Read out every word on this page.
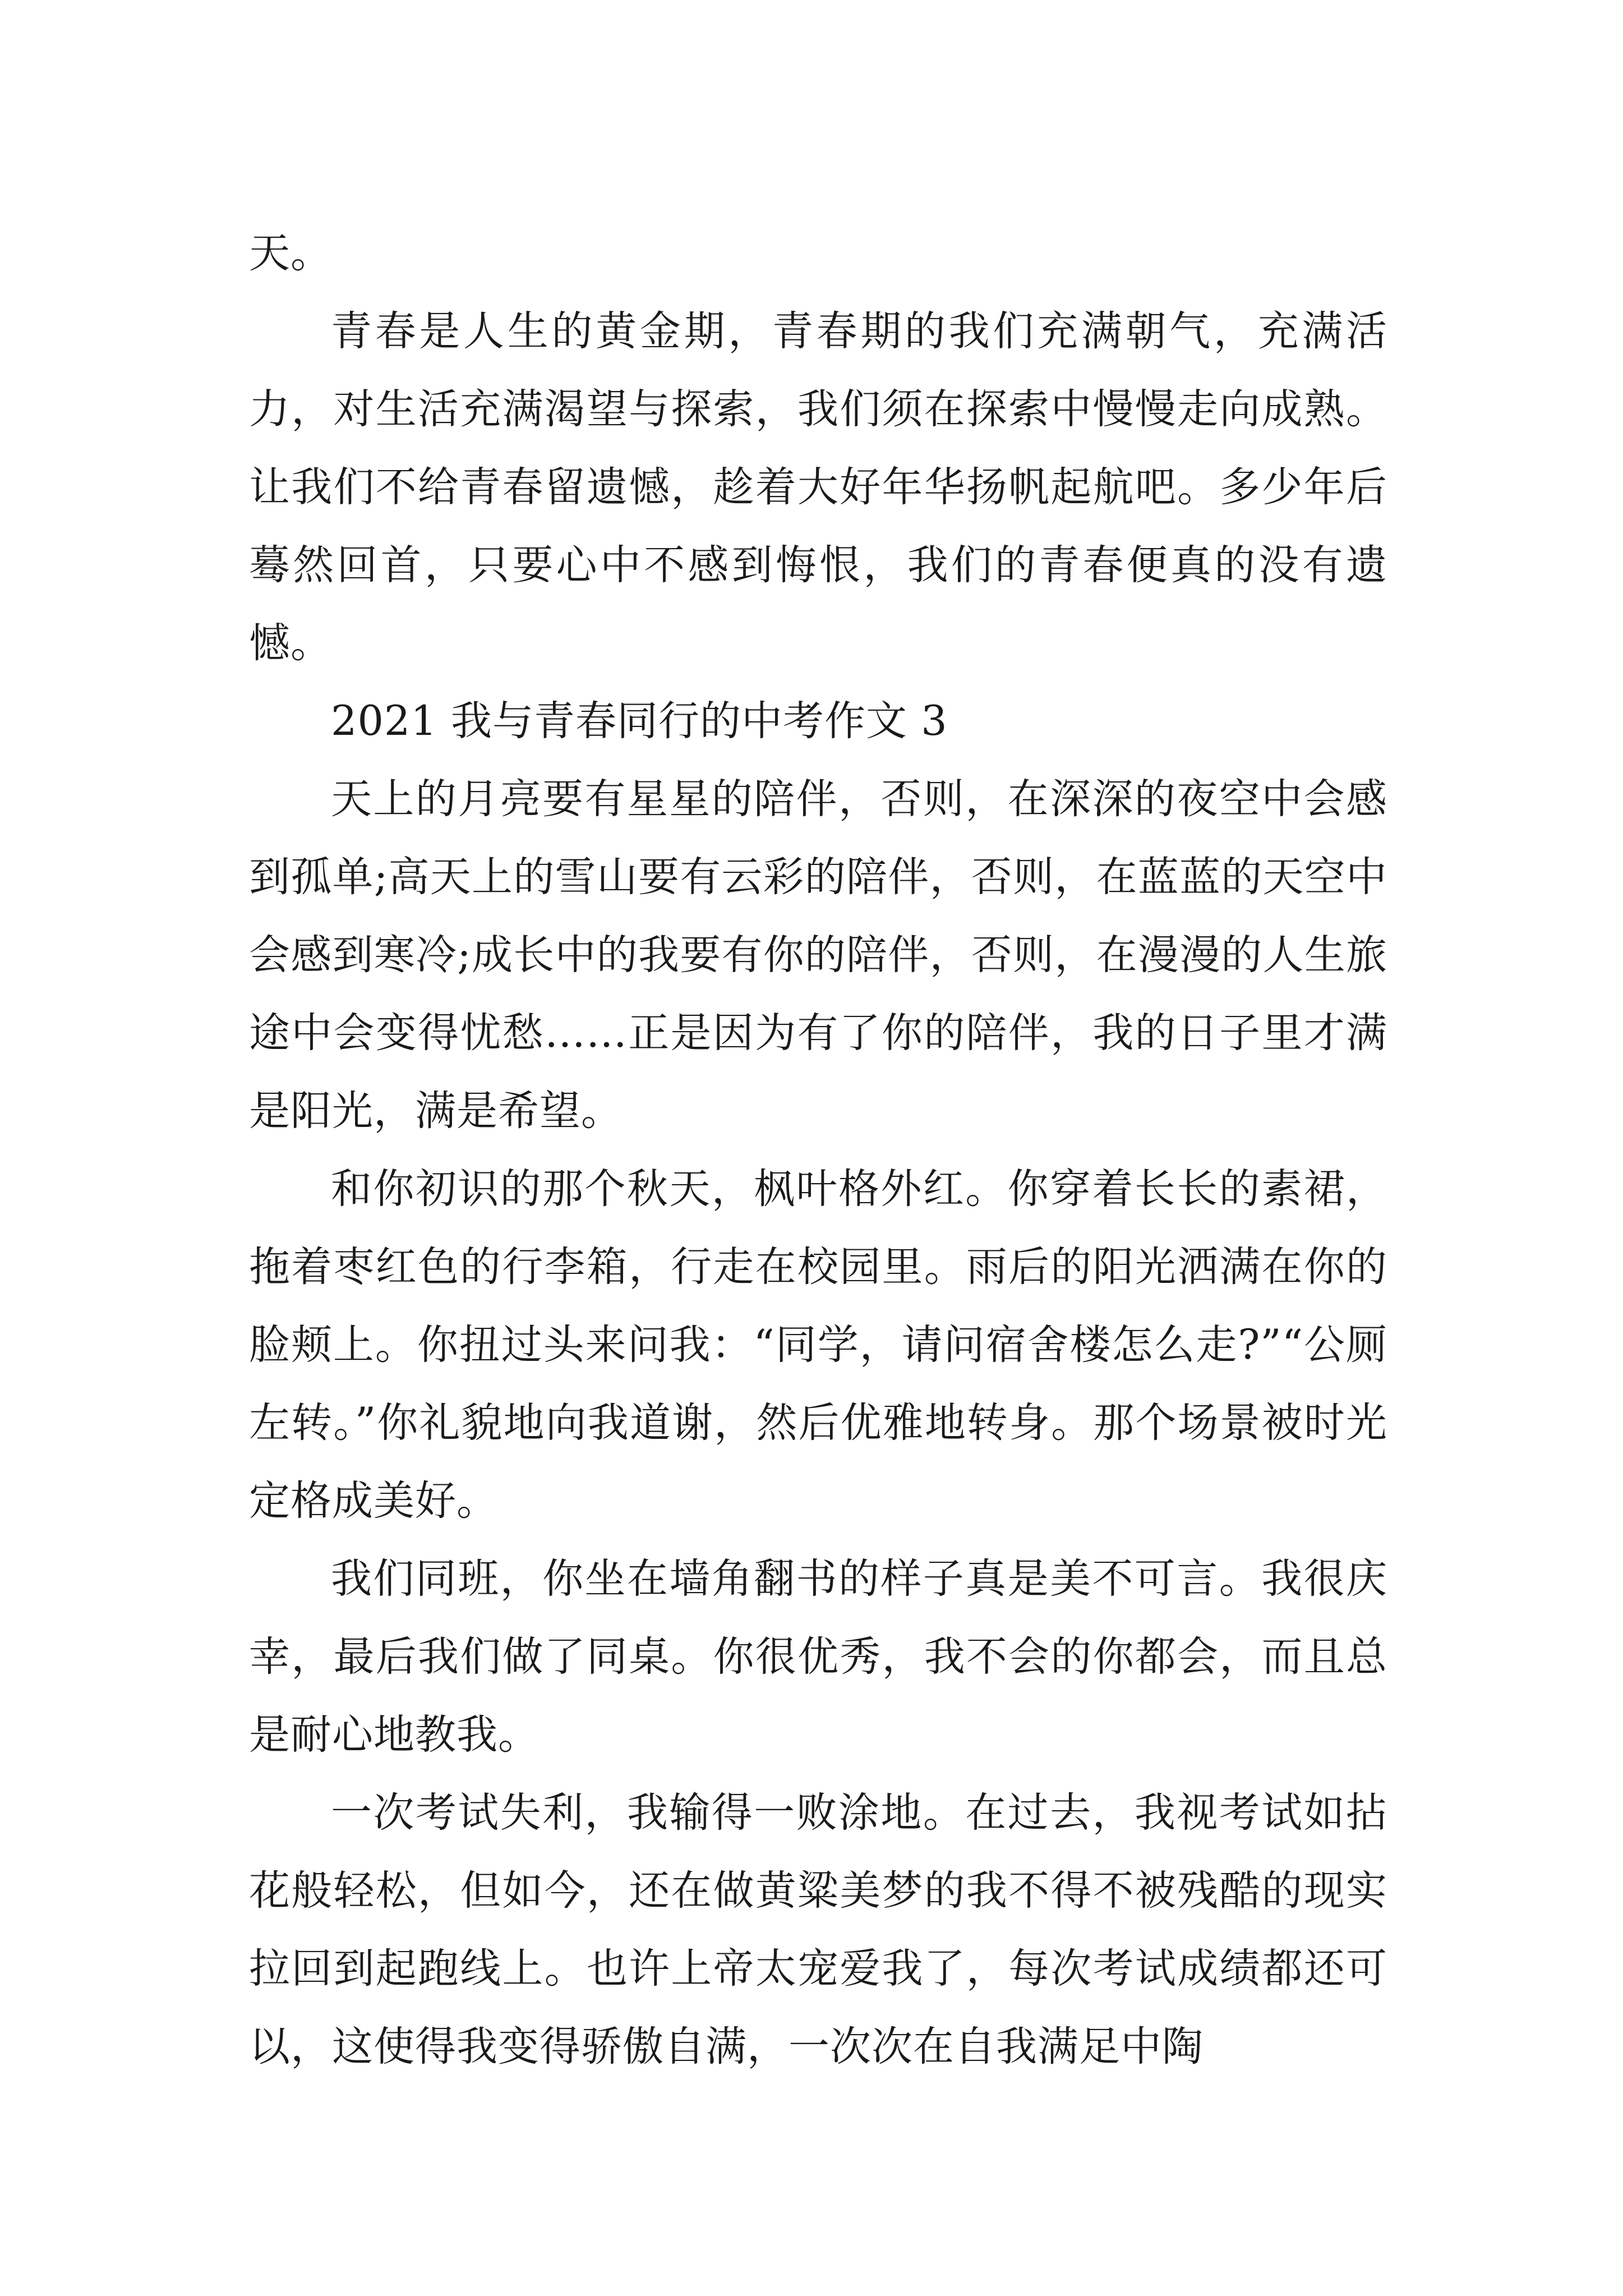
天。

青春是人生的黄金期，青春期的我们充满朝气，充满活力，对生活充满渴望与探索，我们须在探索中慢慢走向成熟。让我们不给青春留遗憾，趁着大好年华扬帆起航吧。多少年后蓦然回首，只要心中不感到悔恨，我们的青春便真的没有遗憾。

2021 我与青春同行的中考作文 3

天上的月亮要有星星的陪伴，否则，在深深的夜空中会感到孤单;高天上的雪山要有云彩的陪伴，否则，在蓝蓝的天空中会感到寒冷;成长中的我要有你的陪伴，否则，在漫漫的人生旅途中会变得忧愁……正是因为有了你的陪伴，我的日子里才满是阳光，满是希望。

和你初识的那个秋天，枫叶格外红。你穿着长长的素裙，拖着枣红色的行李箱，行走在校园里。雨后的阳光洒满在你的脸颊上。你扭过头来问我：“同学，请问宿舍楼怎么走?”“公厕左转。”你礼貌地向我道谢，然后优雅地转身。那个场景被时光定格成美好。

我们同班，你坐在墙角翻书的样子真是美不可言。我很庆幸，最后我们做了同桌。你很优秀，我不会的你都会，而且总是耐心地教我。

一次考试失利，我输得一败涂地。在过去，我视考试如拈花般轻松，但如今，还在做黄粱美梦的我不得不被残酷的现实拉回到起跑线上。也许上帝太宠爱我了，每次考试成绩都还可以，这使得我变得骄傲自满，一次次在自我满足中陶
